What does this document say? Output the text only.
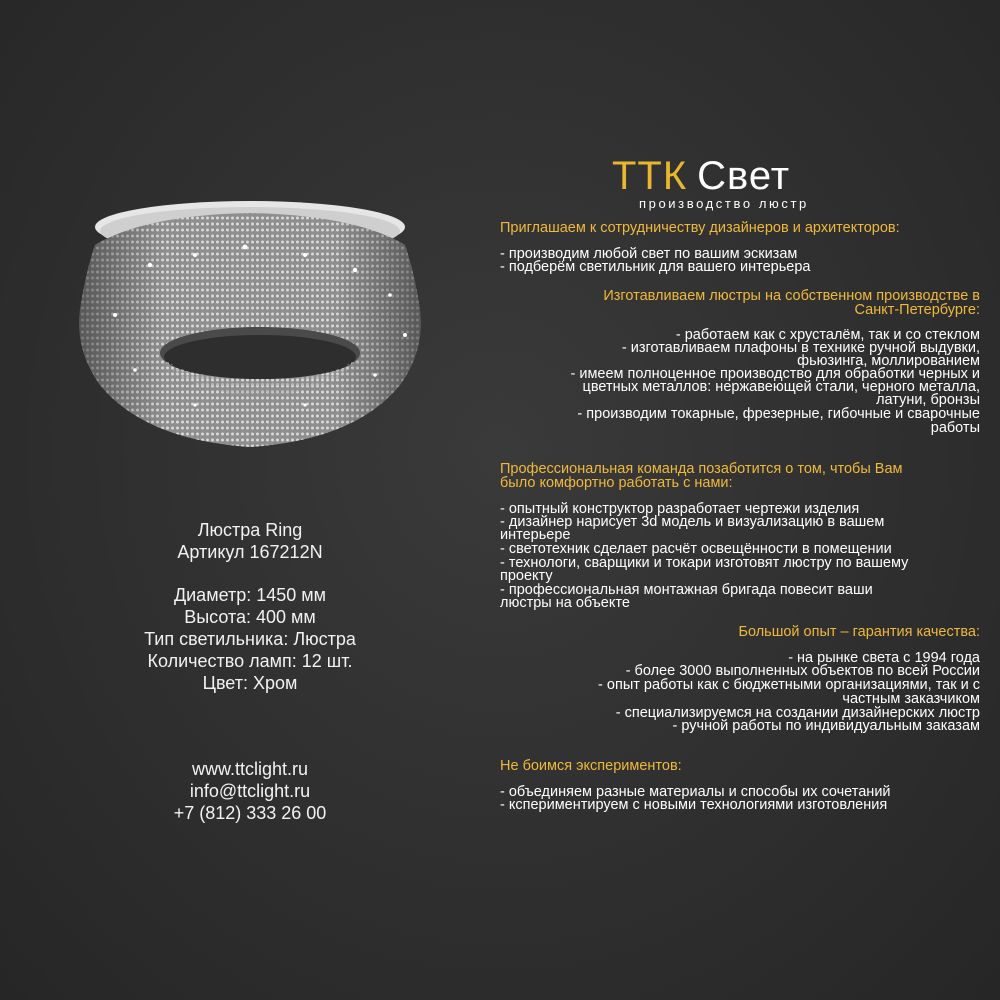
Люстра Ring
Артикул 167212N
Диаметр: 1450 мм
Высота: 400 мм
Тип светильника: Люстра
Количество ламп: 12 шт.
Цвет: Хром
www.ttclight.ru
info@ttclight.ru
+7 (812) 333 26 00
ТТК Свет
производство люстр
Приглашаем к сотрудничеству дизайнеров и архитекторов:
- производим любой свет по вашим эскизам
- подберём светильник для вашего интерьера
Изготавливаем люстры на собственном производстве в
Санкт-Петербурге:
- работаем как с хрусталём, так и со стеклом
- изготавливаем плафоны в технике ручной выдувки,
фьюзинга, моллированием
- имеем полноценное производство для обработки черных и
цветных металлов: нержавеющей стали, черного металла,
латуни, бронзы
- производим токарные, фрезерные, гибочные и сварочные
работы
Профессиональная команда позаботится о том, чтобы Вам
было комфортно работать с нами:
- опытный конструктор разработает чертежи изделия
- дизайнер нарисует 3d модель и визуализацию в вашем
интерьере
- светотехник сделает расчёт освещённости в помещении
- технологи, сварщики и токари изготовят люстру по вашему
проекту
- профессиональная монтажная бригада повесит ваши
люстры на объекте
Большой опыт – гарантия качества:
- на рынке света с 1994 года
- более 3000 выполненных объектов по всей России
- опыт работы как с бюджетными организациями, так и с
частным заказчиком
- специализируемся на создании дизайнерских люстр
- ручной работы по индивидуальным заказам
Не боимся экспериментов:
- объединяем разные материалы и способы их сочетаний
- кспериментируем с новыми технологиями изготовления
